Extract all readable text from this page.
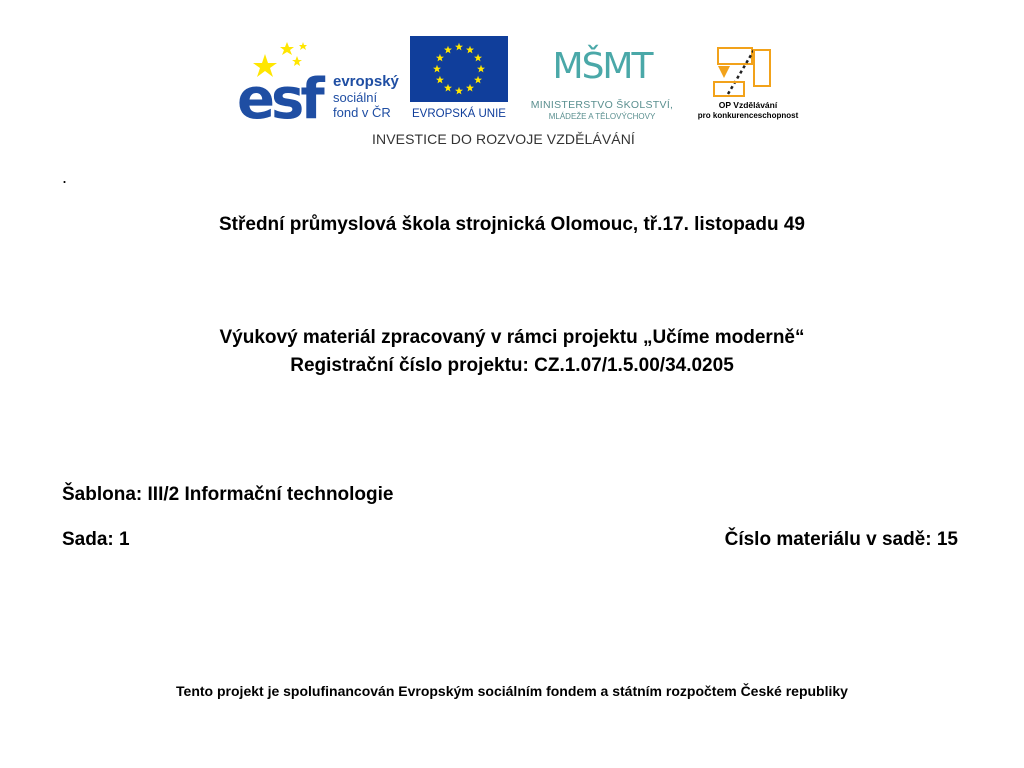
esf evropský
sociální
fond v ČR EVROPSKÁ UNIE
MŠMT
MINISTERSTVO ŠKOLSTVÍ,
MLÁDEŽE A TĚLOVÝCHOVY
OP Vzdělávání
pro konkurenceschopnost
INVESTICE DO ROZVOJE VZDĚLÁVÁNÍ
.
Střední průmyslová škola strojnická Olomouc, tř.17. listopadu 49
Výukový materiál zpracovaný v rámci projektu „Učíme moderně“
Registrační číslo projektu: CZ.1.07/1.5.00/34.0205
Šablona: III/2 Informační technologie
Sada: 1	Číslo materiálu v sadě: 15
Tento projekt je spolufinancován Evropským sociálním fondem a státním rozpočtem České republiky
